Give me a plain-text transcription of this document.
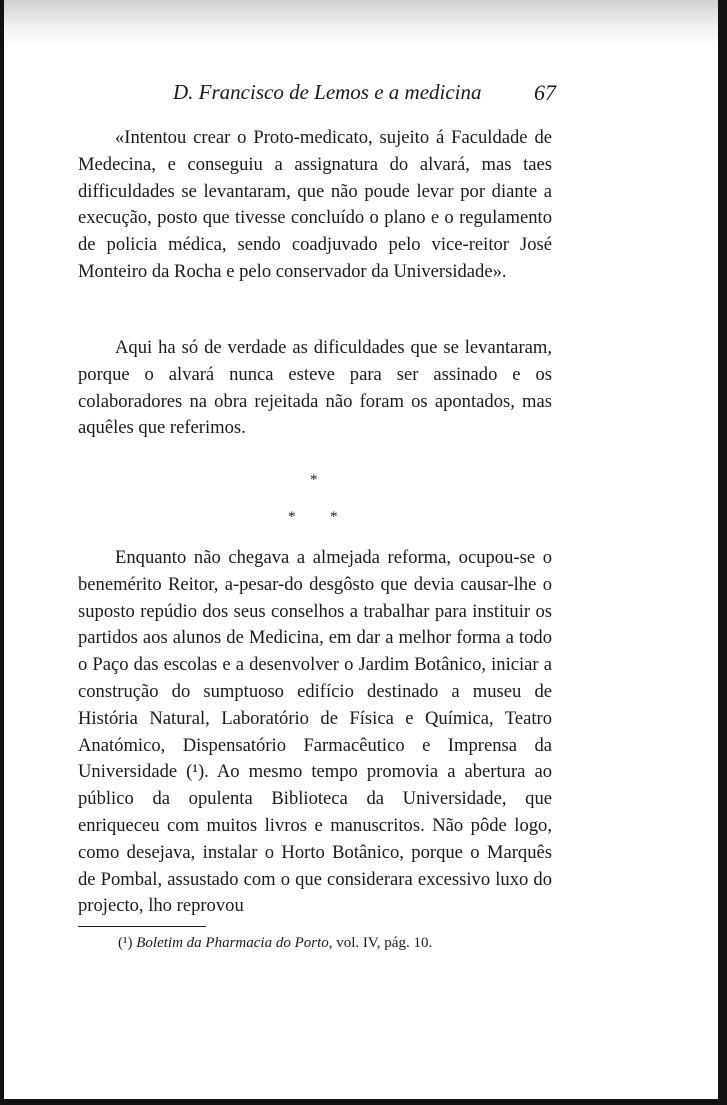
D. Francisco de Lemos e a medicina 67

«Intentou crear o Proto-medicato, sujeito á Faculdade de Medecina, e conseguiu a assignatura do alvará, mas taes difficuldades se levantaram, que não poude levar por diante a execução, posto que tivesse concluído o plano e o regulamento de policia médica, sendo coadjuvado pelo vice-reitor José Monteiro da Rocha e pelo conservador da Universidade».

Aqui ha só de verdade as dificuldades que se levantaram, porque o alvará nunca esteve para ser assinado e os colaboradores na obra rejeitada não foram os apontados, mas aquêles que referimos.

*
* *

Enquanto não chegava a almejada reforma, ocupou-se o benemérito Reitor, a-pesar-do desgôsto que devia causar-lhe o suposto repúdio dos seus conselhos a trabalhar para instituir os partidos aos alunos de Medicina, em dar a melhor forma a todo o Paço das escolas e a desenvolver o Jardim Botânico, iniciar a construção do sumptuoso edifício destinado a museu de História Natural, Laboratório de Física e Química, Teatro Anatómico, Dispensatório Farmacêutico e Imprensa da Universidade (¹). Ao mesmo tempo promovia a abertura ao público da opulenta Biblioteca da Universidade, que enriqueceu com muitos livros e manuscritos. Não pôde logo, como desejava, instalar o Horto Botânico, porque o Marquês de Pombal, assustado com o que considerara excessivo luxo do projecto, lho reprovou

(¹) Boletim da Pharmacia do Porto, vol. IV, pág. 10.
